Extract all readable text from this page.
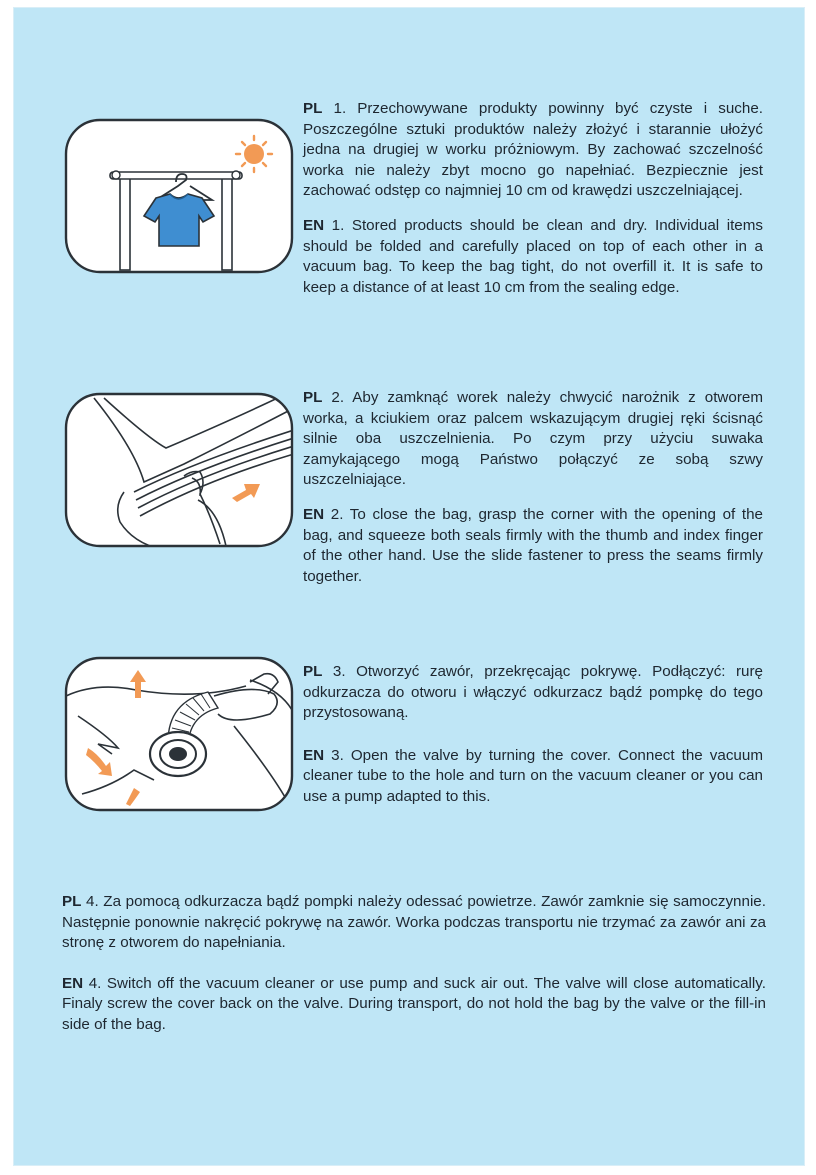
PL 1. Przechowywane produkty powinny być czyste i suche. Poszczególne sztuki produktów należy złożyć i starannie ułożyć jedna na drugiej w worku próżniowym. By zachować szczelność worka nie należy zbyt mocno go napełniać. Bezpiecznie jest zachować odstęp co najmniej 10 cm od krawędzi uszczelniającej.

EN 1. Stored products should be clean and dry. Individual items should be folded and carefully placed on top of each other in a vacuum bag. To keep the bag tight, do not overfill it. It is safe to keep a distance of at least 10 cm from the sealing edge.

PL 2. Aby zamknąć worek należy chwycić narożnik z otworem worka, a kciukiem oraz palcem wskazującym drugiej ręki ścisnąć silnie oba uszczelnienia. Po czym przy użyciu suwaka zamykającego mogą Państwo połączyć ze sobą szwy uszczelniające.

EN 2. To close the bag, grasp the corner with the opening of the bag, and squeeze both seals firmly with the thumb and index finger of the other hand. Use the slide fastener to press the seams firmly together.

PL 3. Otworzyć zawór, przekręcając pokrywę. Podłączyć: rurę odkurzacza do otworu i włączyć odkurzacz bądź pompkę do tego przystosowaną.

EN 3. Open the valve by turning the cover. Connect the vacuum cleaner tube to the hole and turn on the vacuum cleaner or you can use a pump adapted to this.

PL 4. Za pomocą odkurzacza bądź pompki należy odessać powietrze. Zawór zamknie się samoczynnie. Następnie ponownie nakręcić pokrywę na zawór. Worka podczas transportu nie trzymać za zawór ani za stronę z otworem do napełniania.

EN 4. Switch off the vacuum cleaner or use pump and suck air out. The valve will close automatically. Finaly screw the cover back on the valve. During transport, do not hold the bag by the valve or the fill-in side of the bag.
